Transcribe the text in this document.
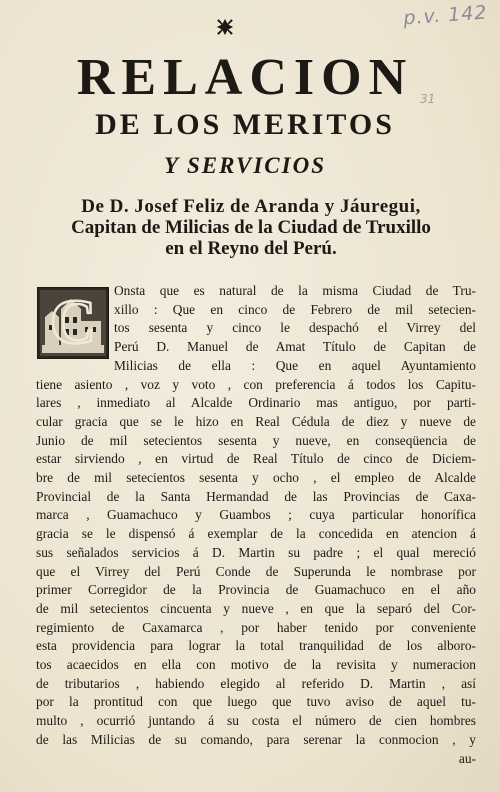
p.v. 142
31
RELACION
DE LOS MERITOS
Y SERVICIOS
De D. Josef Feliz de Aranda y Jáuregui,
Capitan de Milicias de la Ciudad de Truxillo
en el Reyno del Perú.
C	Onsta que es natural de la misma Ciudad de Tru-
xillo : Que en cinco de Febrero de mil setecien-
tos sesenta y cinco le despachó el Virrey del
Perú D. Manuel de Amat Título de Capitan de
Milicias de ella : Que en aquel Ayuntamiento
tiene asiento , voz y voto , con preferencia á todos los Capitu-
lares , inmediato al Alcalde Ordinario mas antiguo, por parti-
cular gracia que se le hizo en Real Cédula de diez y nueve de
Junio de mil setecientos sesenta y nueve, en conseqüencia de
estar sirviendo , en virtud de Real Título de cinco de Diciem-
bre de mil setecientos sesenta y ocho , el empleo de Alcalde
Provincial de la Santa Hermandad de las Provincias de Caxa-
marca , Guamachuco y Guambos ; cuya particular honorífica
gracia se le dispensó á exemplar de la concedida en atencion á
sus señalados servicios á D. Martin su padre ; el qual mereció
que el Virrey del Perú Conde de Superunda le nombrase por
primer Corregidor de la Provincia de Guamachuco en el año
de mil setecientos cincuenta y nueve , en que la separó del Cor-
regimiento de Caxamarca , por haber tenido por conveniente
esta providencia para lograr la total tranquilidad de los alboro-
tos acaecidos en ella con motivo de la revisita y numeracion
de tributarios , habiendo elegido al referido D. Martin , así
por la prontitud con que luego que tuvo aviso de aquel tu-
multo , ocurrió juntando á su costa el número de cien hombres
de las Milicias de su comando, para serenar la conmocion , y
au-
